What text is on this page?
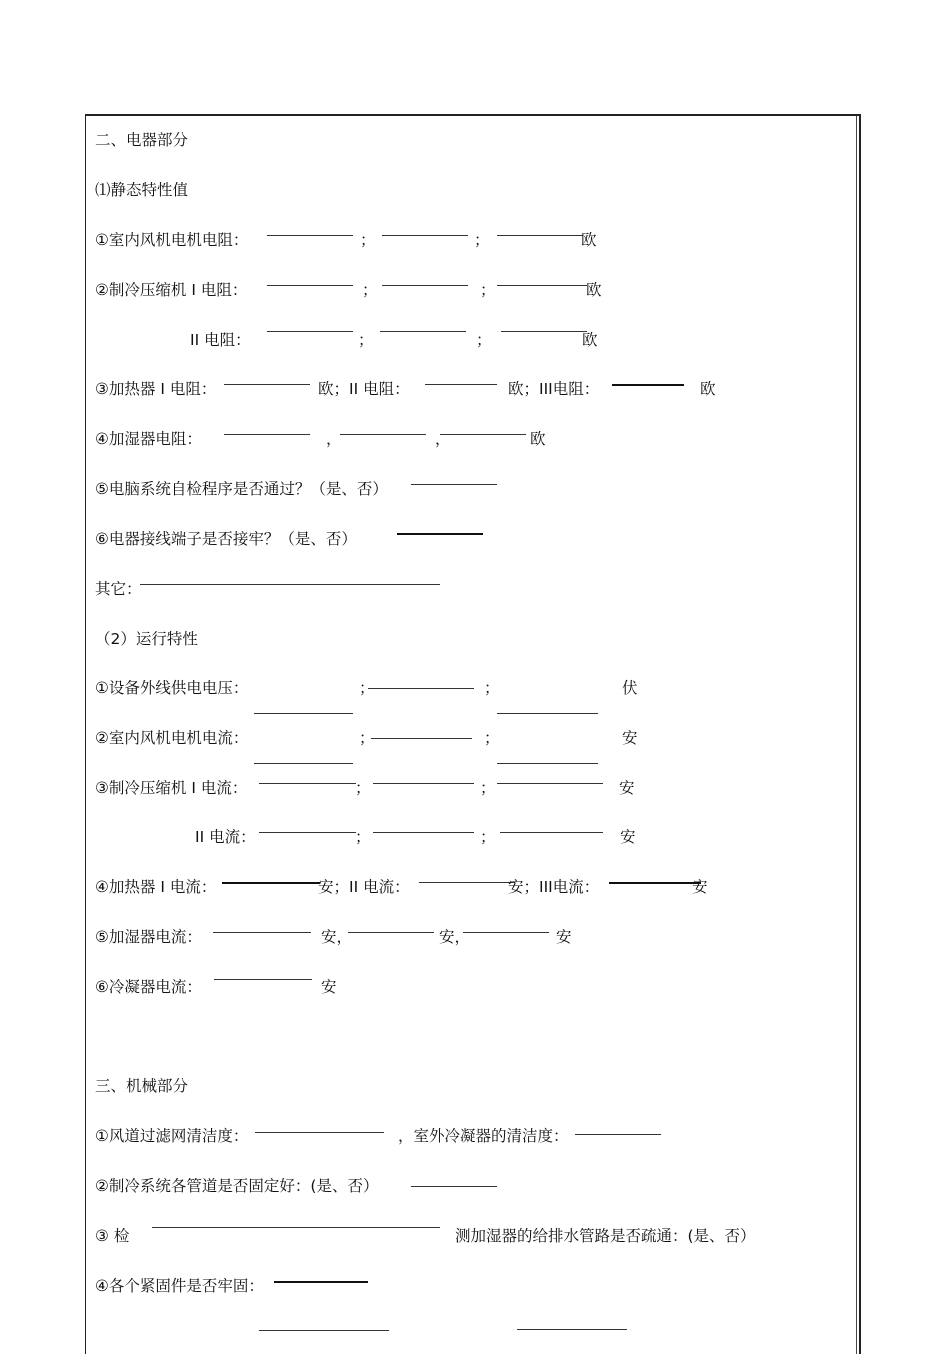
二、电器部分
⑴静态特性值
①室内风机电机电阻：	；	；	欧
②制冷压缩机 I 电阻：	；	；	欧
II 电阻：	；	；	欧
③加热器 I 电阻：	欧；II 电阻：	欧；III电阻：	欧
④加湿器电阻：	，	，	欧
⑤电脑系统自检程序是否通过？（是、否）
⑥电器接线端子是否接牢？（是、否）
其它：
（2）运行特性
①设备外线供电电压：	；	；	伏
②室内风机电机电流：	；	；	安
③制冷压缩机 I 电流：	；	；	安
II 电流：	；	；	安
④加热器 I 电流：	安；II 电流：	安；III电流：	安
⑤加湿器电流：	安，	安，	安
⑥冷凝器电流：	安
三、机械部分
①风道过滤网清洁度：	，室外冷凝器的清洁度：
②制冷系统各管道是否固定好：(是、否）
③ 检	测加湿器的给排水管路是否疏通：(是、否）
④各个紧固件是否牢固：
